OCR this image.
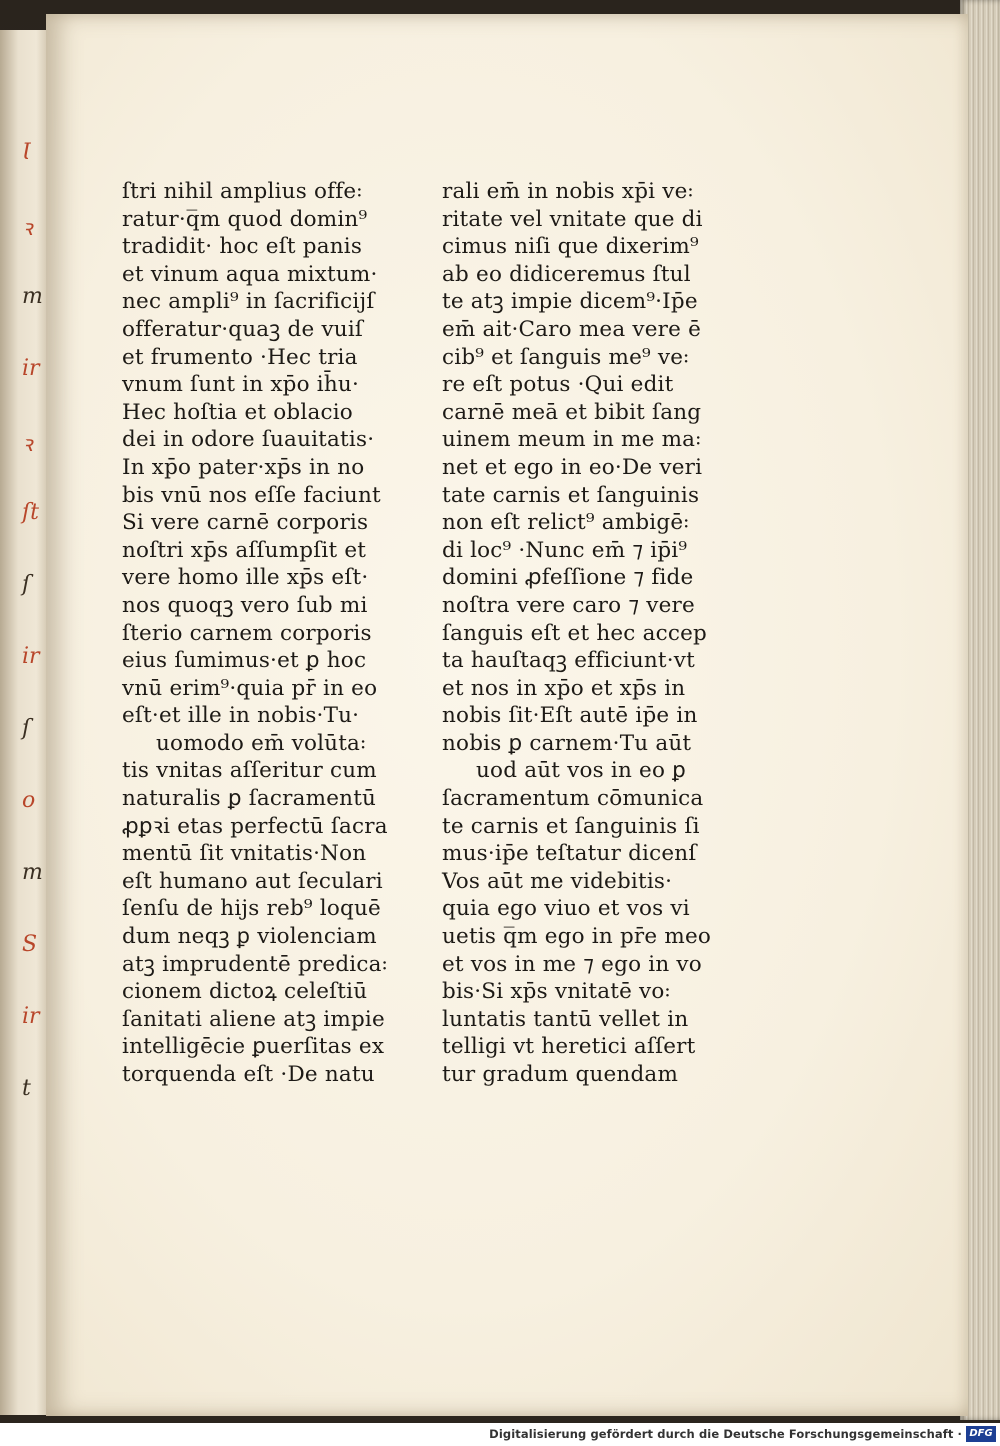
Ɩ
ꝛ
m
ir
ꝛ
ſt
ſ
ir
ſ
o
m
S
ir
t
ſtri nihil amplius offe꞉
ratur·q̅m quod domin⁹
tradidit· hoc eſt panis
et vinum aqua mixtum·
nec ampli⁹ in ſacrificijſ
offeratur·quaꝫ de vuiſ
et frumento ·Hec tria
vnum ſunt in xp̄o ih̄u·
Hec hoſtia et oblacio
dei in odore ſuauitatis·
In xp̄o pater·xp̄s in no
bis vnū nos eſſe faciunt
Si vere carnē corporis
noſtri xp̄s aſſumpſit et
vere homo ille xp̄s eſt·
nos quoqꝫ vero ſub mi
ſterio carnem corporis
eius ſumimus·et ꝑ hoc
vnū erim⁹·quia pr̄ in eo
eſt·et ille in nobis·Tu·
uomodo em̄ volūta꞉
tis vnitas aſſeritur cum
naturalis ꝑ ſacramentū
ꝓꝑꝛi etas perfectū ſacra
mentū ſit vnitatis·Non
eſt humano aut ſeculari
ſenſu de hijs reb⁹ loquē
dum neqꝫ ꝑ violenciam
atꝫ imprudentē predica꞉
cionem dictoꝝ celeſtiū
ſanitati aliene atꝫ impie
intelligēcie ꝑuerſitas ex
torquenda eſt ·De natu
rali em̄ in nobis xp̄i ve꞉
ritate vel vnitate que di
cimus niſi que dixerim⁹
ab eo didiceremus ſtul
te atꝫ impie dicem⁹·Ip̄e
em̄ ait·Caro mea vere ē
cib⁹ et ſanguis me⁹ ve꞉
re eſt potus ·Qui edit
carnē meā et bibit ſang
uinem meum in me ma꞉
net et ego in eo·De veri
tate carnis et ſanguinis
non eſt relict⁹ ambigē꞉
di loc⁹ ·Nunc em̄ ⁊ ip̄i⁹
domini ꝓfeſſione ⁊ fide
noſtra vere caro ⁊ vere
ſanguis eſt et hec accep
ta hauſtaqꝫ efficiunt·vt
et nos in xp̄o et xp̄s in
nobis ſit·Eſt autē ip̄e in
nobis ꝑ carnem·Tu aūt
uod aūt vos in eo ꝑ
ſacramentum cōmunica
te carnis et ſanguinis ſi
mus·ip̄e teſtatur dicenſ
Vos aūt me videbitis·
quia ego viuo et vos vi
uetis q̅m ego in pr̄e meo
et vos in me ⁊ ego in vo
bis·Si xp̄s vnitatē vo꞉
luntatis tantū vellet in
telligi vt heretici aſſert
tur gradum quendam
Digitalisierung gefördert durch die Deutsche Forschungsgemeinschaft · DFG
